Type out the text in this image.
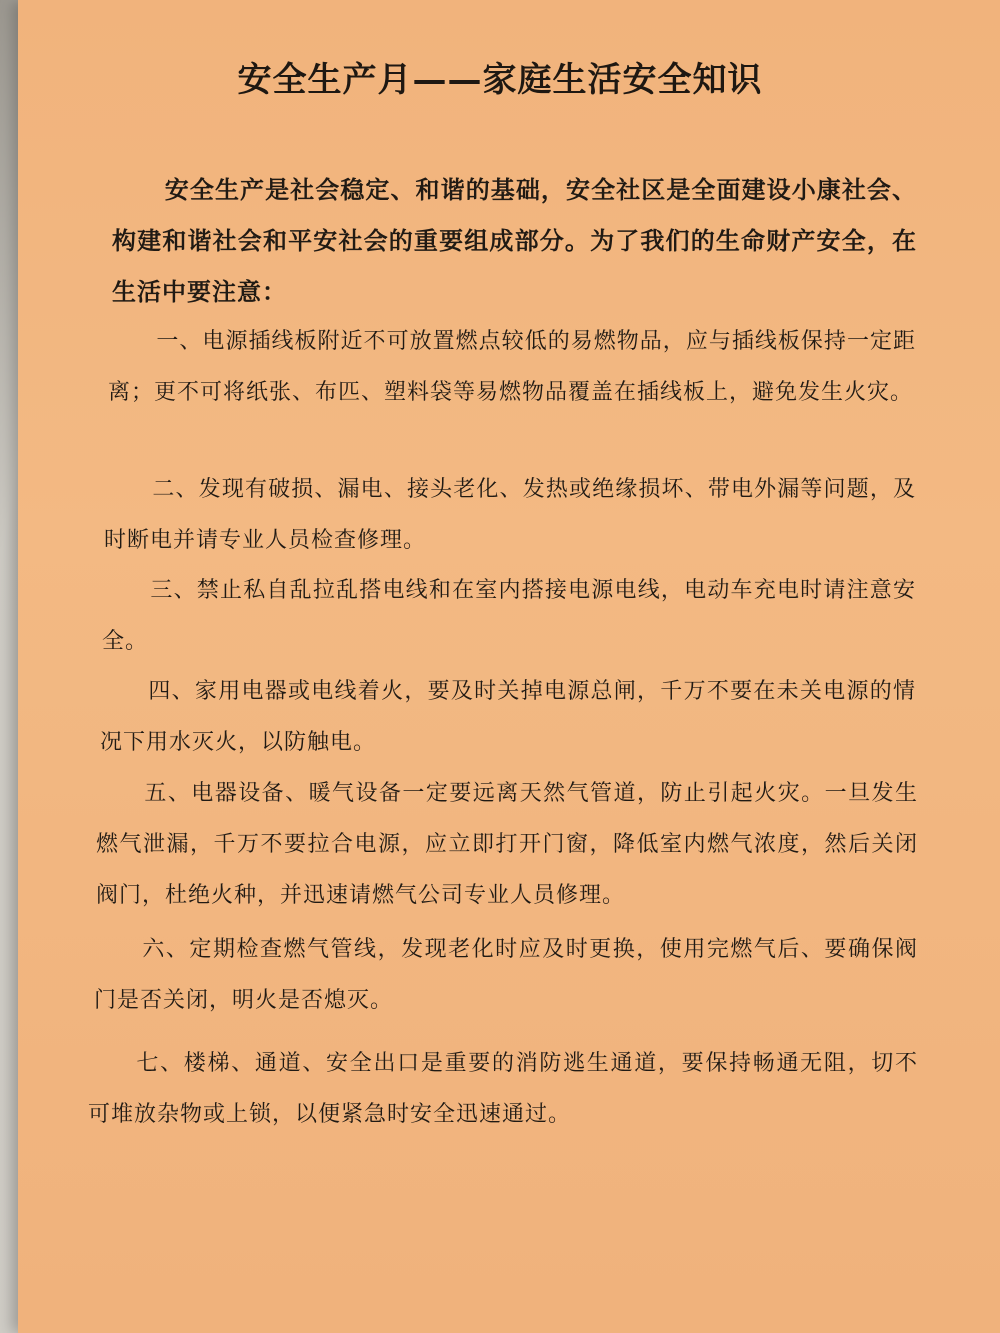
安全生产月——家庭生活安全知识

安全生产是社会稳定、和谐的基础，安全社区是全面建设小康社会、构建和谐社会和平安社会的重要组成部分。为了我们的生命财产安全，在生活中要注意：

一、电源插线板附近不可放置燃点较低的易燃物品，应与插线板保持一定距离；更不可将纸张、布匹、塑料袋等易燃物品覆盖在插线板上，避免发生火灾。

二、发现有破损、漏电、接头老化、发热或绝缘损坏、带电外漏等问题，及时断电并请专业人员检查修理。

三、禁止私自乱拉乱搭电线和在室内搭接电源电线，电动车充电时请注意安全。

四、家用电器或电线着火，要及时关掉电源总闸，千万不要在未关电源的情况下用水灭火，以防触电。

五、电器设备、暖气设备一定要远离天然气管道，防止引起火灾。一旦发生燃气泄漏，千万不要拉合电源，应立即打开门窗，降低室内燃气浓度，然后关闭阀门，杜绝火种，并迅速请燃气公司专业人员修理。

六、定期检查燃气管线，发现老化时应及时更换，使用完燃气后、要确保阀门是否关闭，明火是否熄灭。

七、楼梯、通道、安全出口是重要的消防逃生通道，要保持畅通无阻，切不可堆放杂物或上锁，以便紧急时安全迅速通过。
